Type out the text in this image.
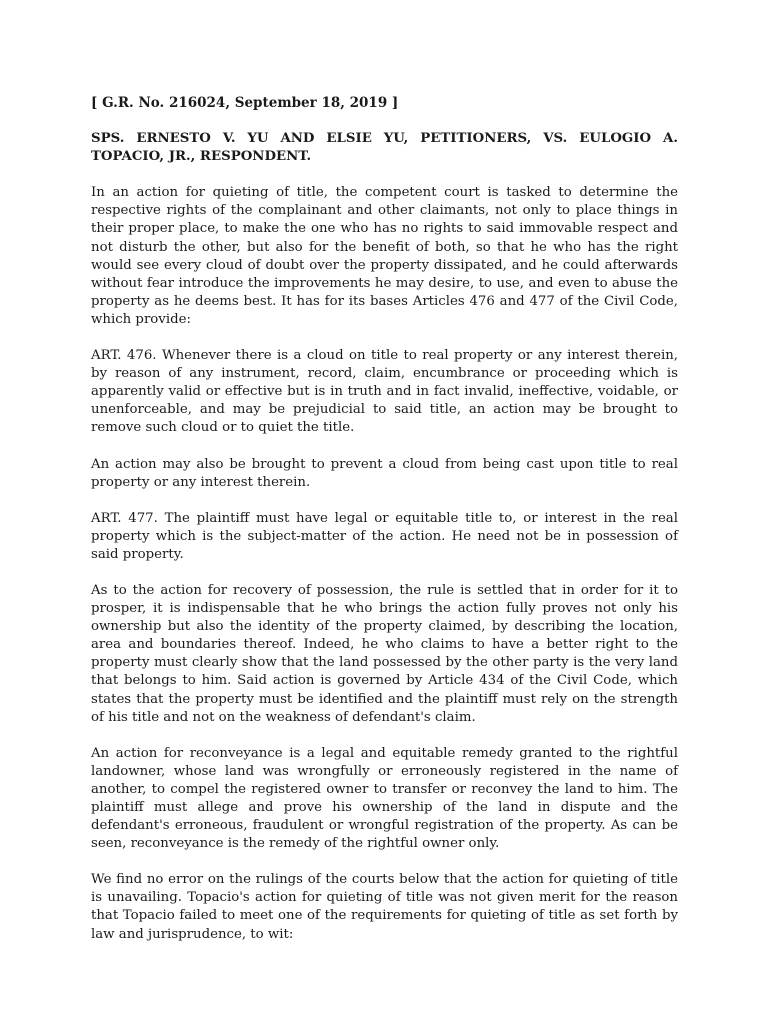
[ G.R. No. 216024, September 18, 2019 ]
SPS. ERNESTO V. YU AND ELSIE YU, PETITIONERS, VS. EULOGIO A. TOPACIO, JR., RESPONDENT.

In an action for quieting of title, the competent court is tasked to determine the respective rights of the complainant and other claimants, not only to place things in their proper place, to make the one who has no rights to said immovable respect and not disturb the other, but also for the benefit of both, so that he who has the right would see every cloud of doubt over the property dissipated, and he could afterwards without fear introduce the improvements he may desire, to use, and even to abuse the property as he deems best. It has for its bases Articles 476 and 477 of the Civil Code, which provide:

ART. 476. Whenever there is a cloud on title to real property or any interest therein, by reason of any instrument, record, claim, encumbrance or proceeding which is apparently valid or effective but is in truth and in fact invalid, ineffective, voidable, or unenforceable, and may be prejudicial to said title, an action may be brought to remove such cloud or to quiet the title.

An action may also be brought to prevent a cloud from being cast upon title to real property or any interest therein.

ART. 477. The plaintiff must have legal or equitable title to, or interest in the real property which is the subject-matter of the action. He need not be in possession of said property.

As to the action for recovery of possession, the rule is settled that in order for it to prosper, it is indispensable that he who brings the action fully proves not only his ownership but also the identity of the property claimed, by describing the location, area and boundaries thereof. Indeed, he who claims to have a better right to the property must clearly show that the land possessed by the other party is the very land that belongs to him. Said action is governed by Article 434 of the Civil Code, which states that the property must be identified and the plaintiff must rely on the strength of his title and not on the weakness of defendant's claim.

An action for reconveyance is a legal and equitable remedy granted to the rightful landowner, whose land was wrongfully or erroneously registered in the name of another, to compel the registered owner to transfer or reconvey the land to him. The plaintiff must allege and prove his ownership of the land in dispute and the defendant's erroneous, fraudulent or wrongful registration of the property. As can be seen, reconveyance is the remedy of the rightful owner only.

We find no error on the rulings of the courts below that the action for quieting of title is unavailing. Topacio's action for quieting of title was not given merit for the reason that Topacio failed to meet one of the requirements for quieting of title as set forth by law and jurisprudence, to wit:
